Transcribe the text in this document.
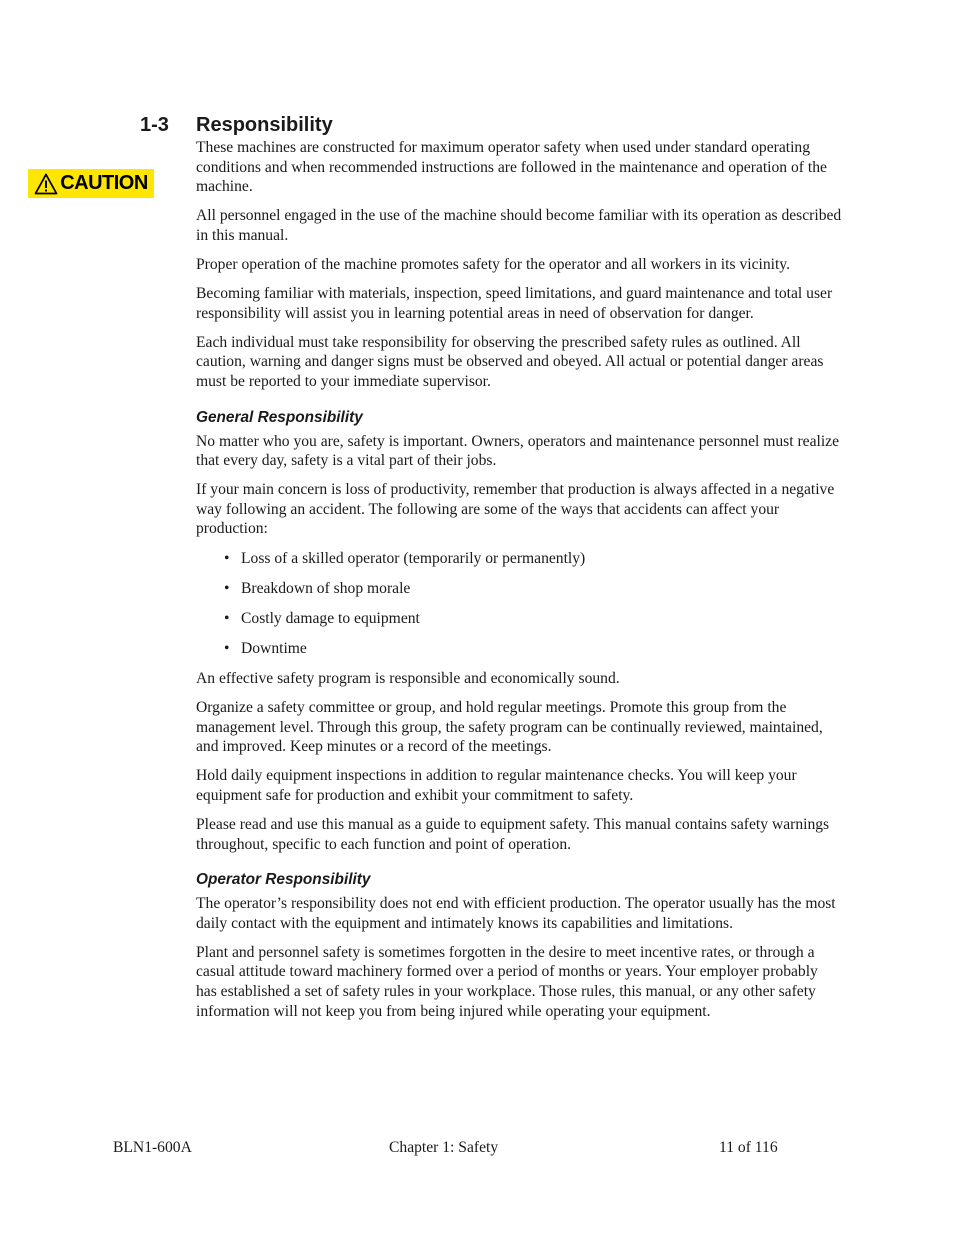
1-3 Responsibility
CAUTION

These machines are constructed for maximum operator safety when used under standard operating conditions and when recommended instructions are followed in the maintenance and operation of the machine.

All personnel engaged in the use of the machine should become familiar with its operation as described in this manual.

Proper operation of the machine promotes safety for the operator and all workers in its vicinity.

Becoming familiar with materials, inspection, speed limitations, and guard maintenance and total user responsibility will assist you in learning potential areas in need of observation for danger.

Each individual must take responsibility for observing the prescribed safety rules as outlined. All caution, warning and danger signs must be observed and obeyed. All actual or potential danger areas must be reported to your immediate supervisor.

General Responsibility

No matter who you are, safety is important. Owners, operators and maintenance personnel must realize that every day, safety is a vital part of their jobs.

If your main concern is loss of productivity, remember that production is always affected in a negative way following an accident. The following are some of the ways that accidents can affect your production:

• Loss of a skilled operator (temporarily or permanently)
• Breakdown of shop morale
• Costly damage to equipment
• Downtime

An effective safety program is responsible and economically sound.

Organize a safety committee or group, and hold regular meetings. Promote this group from the management level. Through this group, the safety program can be continually reviewed, maintained, and improved. Keep minutes or a record of the meetings.

Hold daily equipment inspections in addition to regular maintenance checks. You will keep your equipment safe for production and exhibit your commitment to safety.

Please read and use this manual as a guide to equipment safety. This manual contains safety warnings throughout, specific to each function and point of operation.

Operator Responsibility

The operator’s responsibility does not end with efficient production. The operator usually has the most daily contact with the equipment and intimately knows its capabilities and limitations.

Plant and personnel safety is sometimes forgotten in the desire to meet incentive rates, or through a casual attitude toward machinery formed over a period of months or years. Your employer probably has established a set of safety rules in your workplace. Those rules, this manual, or any other safety information will not keep you from being injured while operating your equipment.

BLN1-600A	Chapter 1: Safety	11 of 116
